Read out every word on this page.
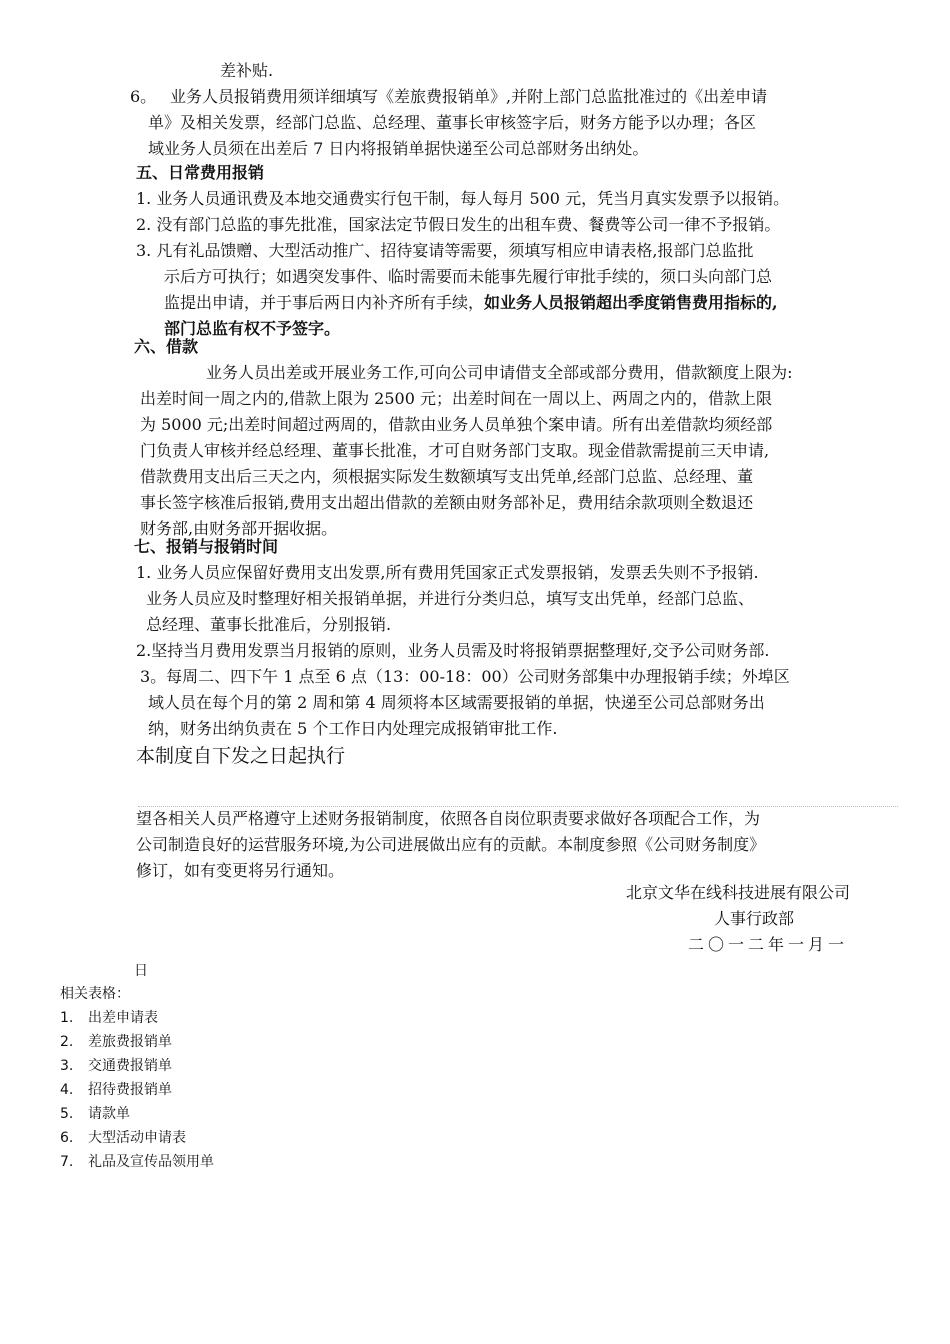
差补贴.
6。 业务人员报销费用须详细填写《差旅费报销单》,并附上部门总监批准过的《出差申请
单》及相关发票，经部门总监、总经理、董事长审核签字后，财务方能予以办理；各区
域业务人员须在出差后 7 日内将报销单据快递至公司总部财务出纳处。
五、日常费用报销
1. 业务人员通讯费及本地交通费实行包干制，每人每月 500 元，凭当月真实发票予以报销。
2. 没有部门总监的事先批准，国家法定节假日发生的出租车费、餐费等公司一律不予报销。
3. 凡有礼品馈赠、大型活动推广、招待宴请等需要，须填写相应申请表格,报部门总监批
示后方可执行；如遇突发事件、临时需要而未能事先履行审批手续的，须口头向部门总
监提出申请，并于事后两日内补齐所有手续，如业务人员报销超出季度销售费用指标的,
部门总监有权不予签字。
六、借款
业务人员出差或开展业务工作,可向公司申请借支全部或部分费用，借款额度上限为:
出差时间一周之内的,借款上限为 2500 元；出差时间在一周以上、两周之内的，借款上限
为 5000 元;出差时间超过两周的，借款由业务人员单独个案申请。所有出差借款均须经部
门负责人审核并经总经理、董事长批准，才可自财务部门支取。现金借款需提前三天申请,
借款费用支出后三天之内，须根据实际发生数额填写支出凭单,经部门总监、总经理、董
事长签字核准后报销,费用支出超出借款的差额由财务部补足，费用结余款项则全数退还
财务部,由财务部开据收据。
七、报销与报销时间
1. 业务人员应保留好费用支出发票,所有费用凭国家正式发票报销，发票丢失则不予报销.
业务人员应及时整理好相关报销单据，并进行分类归总，填写支出凭单，经部门总监、
总经理、董事长批准后，分别报销.
2.坚持当月费用发票当月报销的原则，业务人员需及时将报销票据整理好,交予公司财务部.
3。每周二、四下午 1 点至 6 点（13：00-18：00）公司财务部集中办理报销手续；外埠区
域人员在每个月的第 2 周和第 4 周须将本区域需要报销的单据，快递至公司总部财务出
纳，财务出纳负责在 5 个工作日内处理完成报销审批工作.
本制度自下发之日起执行
望各相关人员严格遵守上述财务报销制度，依照各自岗位职责要求做好各项配合工作，为
公司制造良好的运营服务环境,为公司进展做出应有的贡献。本制度参照《公司财务制度》
修订，如有变更将另行通知。
北京文华在线科技进展有限公司
人事行政部
二〇一二年一月一
日
相关表格：
1. 出差申请表
2. 差旅费报销单
3. 交通费报销单
4. 招待费报销单
5. 请款单
6. 大型活动申请表
7. 礼品及宣传品领用单
